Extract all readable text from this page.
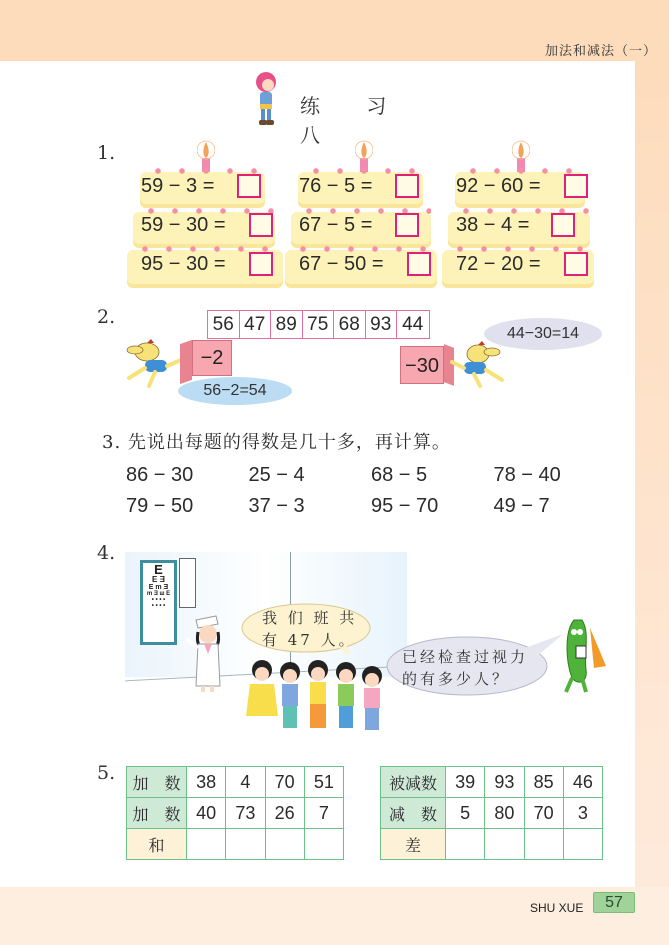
加法和减法（一）
练 习 八
1.
59 − 3 =
59 − 30 =
95 − 30 =
76 − 5 =
67 − 5 =
67 − 50 =
92 − 60 =
38 − 4 =
72 − 20 =
2.	56 47 89 75 68 93 44
−2
56−2=54
−30
44−30=14
3. 先说出每题的得数是几十多，再计算。
86 − 30	25 − 4	68 − 5	78 − 40
79 − 50	37 − 3	95 − 70	49 − 7
4.
E
E Ǝ
E m Ǝ
m Ǝ ш E
• • • •
• • • •
我 们 班 共
有 47 人。
已经检查过视力
的有多少人？
5. 加　数	38	4	70	51
加　数	40	73	26	7
和				
被减数	39	93	85	46
减　数	5	80	70	3
差				
SHU XUE	57
